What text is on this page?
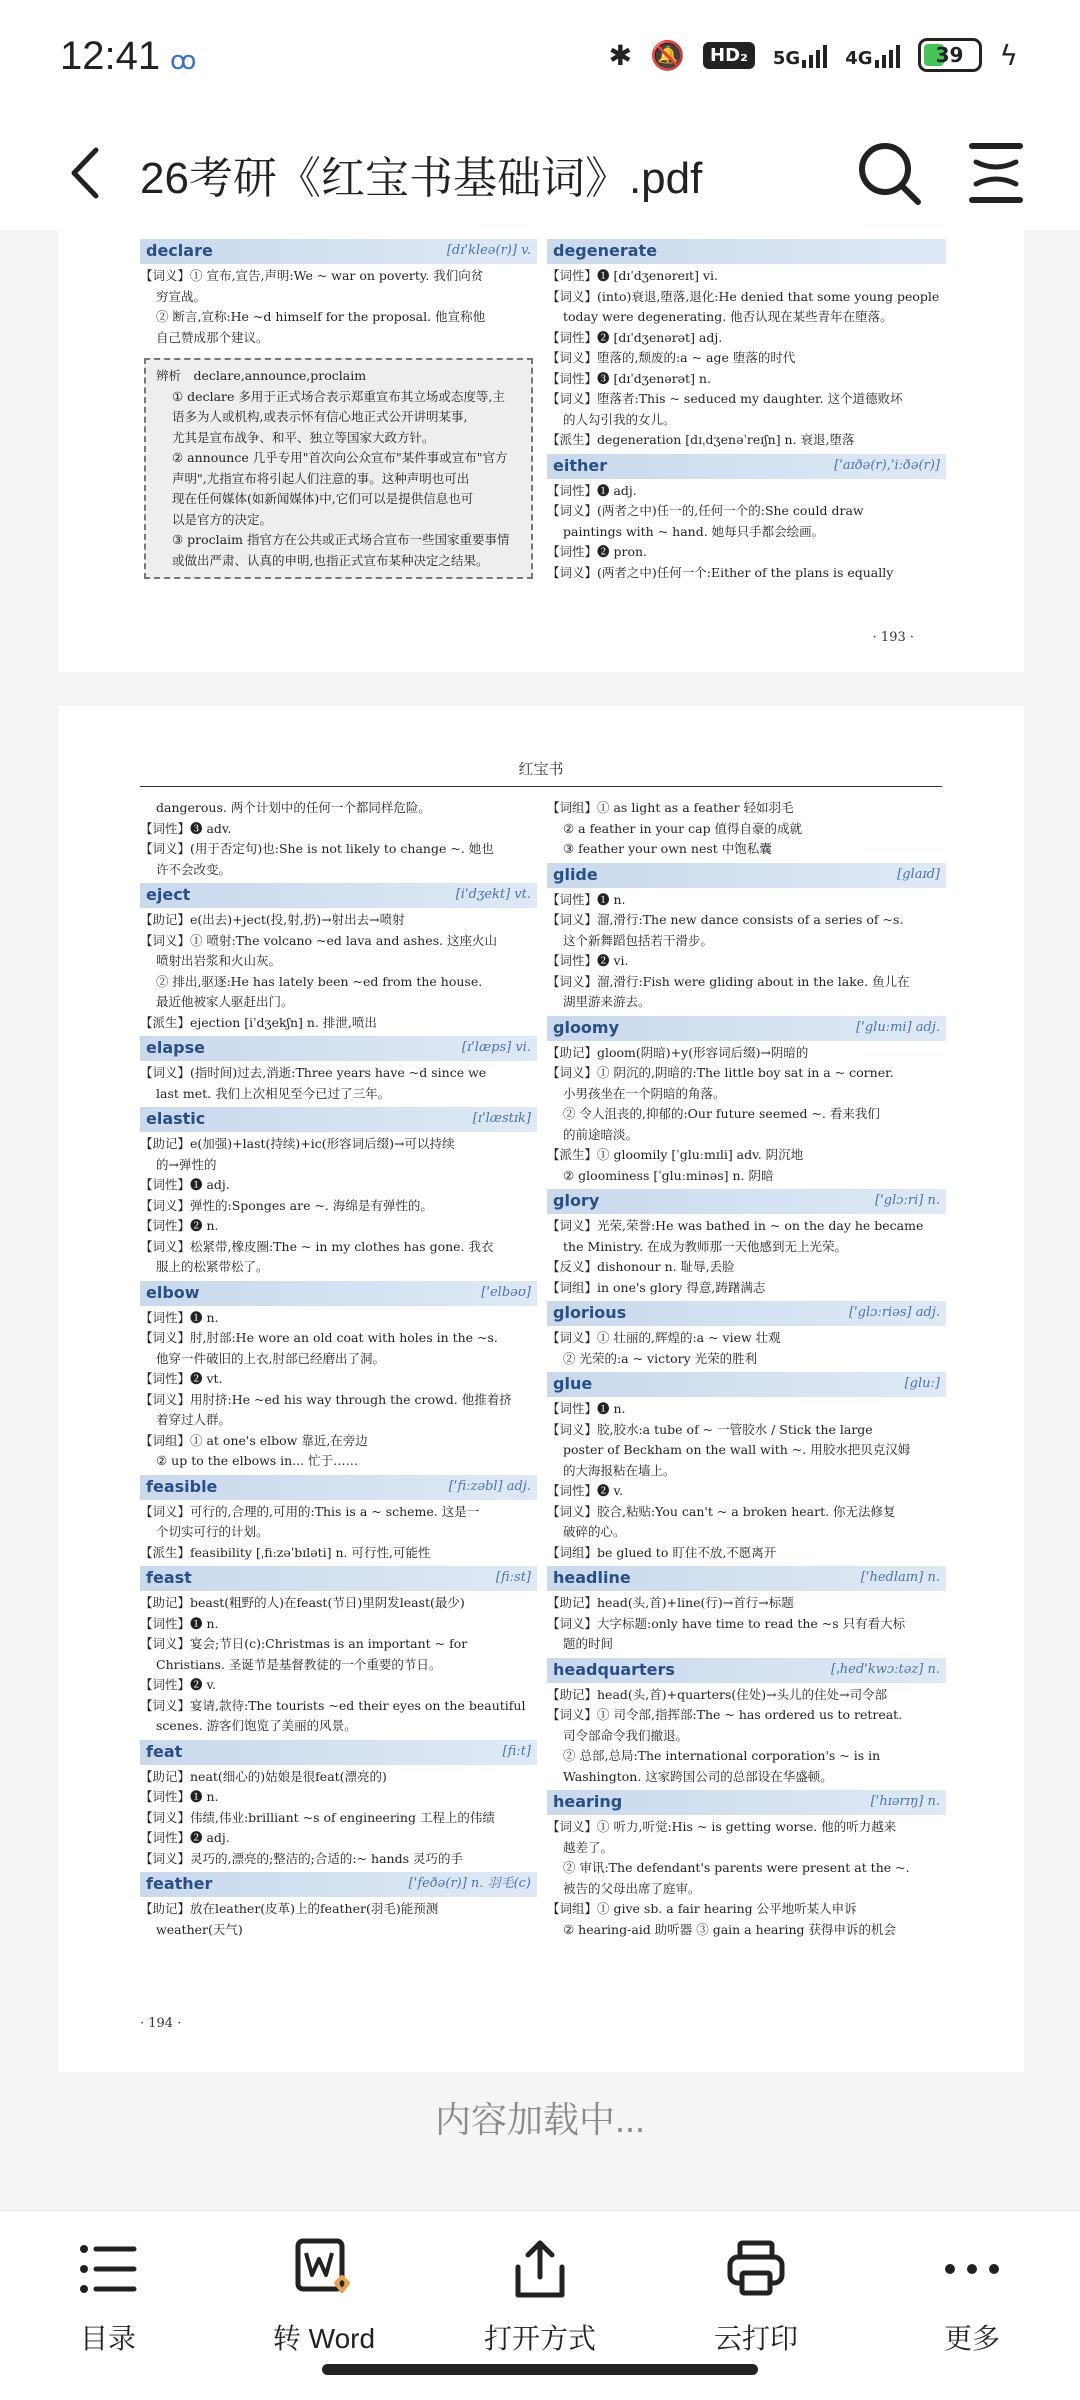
12:41 ꝏ	✱ 🔕	HD₂	5G	4G	39	ϟ
26考研《红宝书基础词》.pdf
declare	[dɪˈkleə(r)] v.
【词义】① 宣布,宣告,声明:We ~ war on poverty. 我们向贫
穷宣战。
② 断言,宣称:He ~d himself for the proposal. 他宣称他
自己赞成那个建议。
辨析　declare,announce,proclaim
① declare 多用于正式场合表示郑重宣布其立场或态度等,主
语多为人或机构,或表示怀有信心地正式公开讲明某事,
尤其是宣布战争、和平、独立等国家大政方针。
② announce 几乎专用"首次向公众宣布"某件事或宣布"官方
声明",尤指宣布将引起人们注意的事。这种声明也可出
现在任何媒体(如新闻媒体)中,它们可以是提供信息也可
以是官方的决定。
③ proclaim 指官方在公共或正式场合宣布一些国家重要事情
或做出严肃、认真的申明,也指正式宣布某种决定之结果。
degenerate
【词性】❶ [dɪˈdʒenəreɪt] vi.
【词义】(into)衰退,堕落,退化:He denied that some young people
today were degenerating. 他否认现在某些青年在堕落。
【词性】❷ [dɪˈdʒenərət] adj.
【词义】堕落的,颓废的:a ~ age 堕落的时代
【词性】❸ [dɪˈdʒenərət] n.
【词义】堕落者:This ~ seduced my daughter. 这个道德败坏
的人勾引我的女儿。
【派生】degeneration [dɪˌdʒenəˈreɪʃn] n. 衰退,堕落
either	[ˈaɪðə(r),ˈiːðə(r)]
【词性】❶ adj.
【词义】(两者之中)任一的,任何一个的:She could draw
paintings with ~ hand. 她每只手都会绘画。
【词性】❷ pron.
【词义】(两者之中)任何一个:Either of the plans is equally
· 193 ·
红宝书
dangerous. 两个计划中的任何一个都同样危险。
【词性】❸ adv.
【词义】(用于否定句)也:She is not likely to change ~. 她也
许不会改变。
eject	[iˈdʒekt] vt.
【助记】e(出去)+ject(投,射,扔)→射出去→喷射
【词义】① 喷射:The volcano ~ed lava and ashes. 这座火山
喷射出岩浆和火山灰。
② 排出,驱逐:He has lately been ~ed from the house.
最近他被家人驱赶出门。
【派生】ejection [iˈdʒekʃn] n. 排泄,喷出
elapse	[ɪˈlæps] vi.
【词义】(指时间)过去,消逝:Three years have ~d since we
last met. 我们上次相见至今已过了三年。
elastic	[ɪˈlæstɪk]
【助记】e(加强)+last(持续)+ic(形容词后缀)→可以持续
的→弹性的
【词性】❶ adj.
【词义】弹性的:Sponges are ~. 海绵是有弹性的。
【词性】❷ n.
【词义】松紧带,橡皮圈:The ~ in my clothes has gone. 我衣
服上的松紧带松了。
elbow	[ˈelbəʊ]
【词性】❶ n.
【词义】肘,肘部:He wore an old coat with holes in the ~s.
他穿一件破旧的上衣,肘部已经磨出了洞。
【词性】❷ vt.
【词义】用肘挤:He ~ed his way through the crowd. 他推着挤
着穿过人群。
【词组】① at one's elbow 靠近,在旁边
② up to the elbows in... 忙于……
feasible	[ˈfiːzəbl] adj.
【词义】可行的,合理的,可用的:This is a ~ scheme. 这是一
个切实可行的计划。
【派生】feasibility [ˌfiːzəˈbɪləti] n. 可行性,可能性
feast	[fiːst]
【助记】beast(粗野的人)在feast(节日)里阴发least(最少)
【词性】❶ n.
【词义】宴会;节日(c):Christmas is an important ~ for
Christians. 圣诞节是基督教徒的一个重要的节日。
【词性】❷ v.
【词义】宴请,款待:The tourists ~ed their eyes on the beautiful
scenes. 游客们饱览了美丽的风景。
feat	[fiːt]
【助记】neat(细心的)姑娘是很feat(漂亮的)
【词性】❶ n.
【词义】伟绩,伟业:brilliant ~s of engineering 工程上的伟绩
【词性】❷ adj.
【词义】灵巧的,漂亮的;整洁的;合适的:~ hands 灵巧的手
feather	[ˈfeðə(r)] n. 羽毛(c)
【助记】放在leather(皮革)上的feather(羽毛)能预测
weather(天气)
【词组】① as light as a feather 轻如羽毛
② a feather in your cap 值得自豪的成就
③ feather your own nest 中饱私囊
glide	[glaɪd]
【词性】❶ n.
【词义】溜,滑行:The new dance consists of a series of ~s.
这个新舞蹈包括若干滑步。
【词性】❷ vi.
【词义】溜,滑行:Fish were gliding about in the lake. 鱼儿在
湖里游来游去。
gloomy	[ˈgluːmi] adj.
【助记】gloom(阴暗)+y(形容词后缀)→阴暗的
【词义】① 阴沉的,阴暗的:The little boy sat in a ~ corner.
小男孩坐在一个阴暗的角落。
② 令人沮丧的,抑郁的:Our future seemed ~. 看来我们
的前途暗淡。
【派生】① gloomily [ˈgluːmɪli] adv. 阴沉地
② gloominess [ˈgluːminəs] n. 阴暗
glory	[ˈglɔːri] n.
【词义】光荣,荣誉:He was bathed in ~ on the day he became
the Ministry. 在成为教师那一天他感到无上光荣。
【反义】dishonour n. 耻辱,丢脸
【词组】in one's glory 得意,踌躇满志
glorious	[ˈglɔːriəs] adj.
【词义】① 壮丽的,辉煌的:a ~ view 壮观
② 光荣的:a ~ victory 光荣的胜利
glue	[gluː]
【词性】❶ n.
【词义】胶,胶水:a tube of ~ 一管胶水 / Stick the large
poster of Beckham on the wall with ~. 用胶水把贝克汉姆
的大海报粘在墙上。
【词性】❷ v.
【词义】胶合,粘贴:You can't ~ a broken heart. 你无法修复
破碎的心。
【词组】be glued to 盯住不放,不愿离开
headline	[ˈhedlaɪn] n.
【助记】head(头,首)+line(行)→首行→标题
【词义】大字标题:only have time to read the ~s 只有看大标
题的时间
headquarters	[ˌhedˈkwɔːtəz] n.
【助记】head(头,首)+quarters(住处)→头儿的住处→司令部
【词义】① 司令部,指挥部:The ~ has ordered us to retreat.
司令部命令我们撤退。
② 总部,总局:The international corporation's ~ is in
Washington. 这家跨国公司的总部设在华盛顿。
hearing	[ˈhɪərɪŋ] n.
【词义】① 听力,听觉:His ~ is getting worse. 他的听力越来
越差了。
② 审讯:The defendant's parents were present at the ~.
被告的父母出席了庭审。
【词组】① give sb. a fair hearing 公平地听某人申诉
② hearing-aid 助听器 ③ gain a hearing 获得申诉的机会
· 194 ·
内容加载中...
目录	转 Word	打开方式	云打印	更多
